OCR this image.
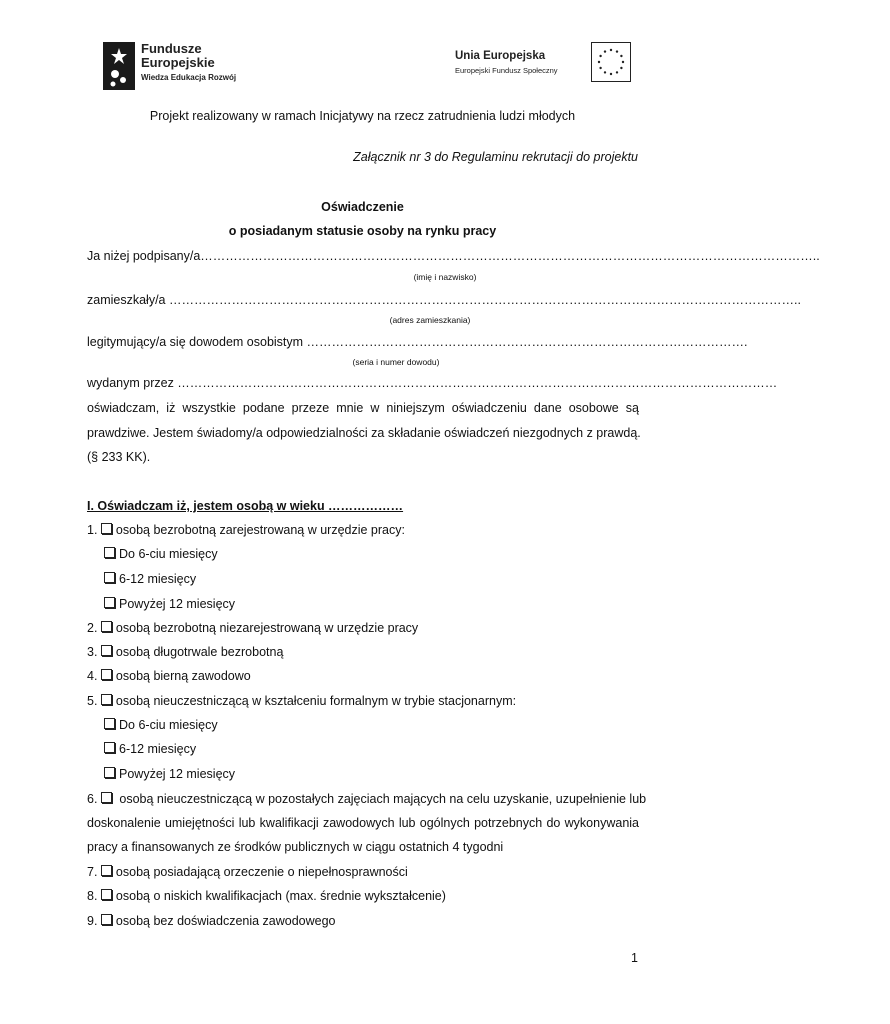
Fundusze
Europejskie
Wiedza Edukacja Rozwój
Unia Europejska
Europejski Fundusz Społeczny
Projekt realizowany w ramach Inicjatywy na rzecz zatrudnienia ludzi młodych
Załącznik nr 3 do Regulaminu rekrutacji do projektu
Oświadczenie
o posiadanym statusie osoby na rynku pracy
Ja niżej podpisany/a…………………………………………………………………………………………………………………………………..
(imię i nazwisko)
zamieszkały/a ……………………………………………………………………………………………………………………………………..
(adres zamieszkania)
legitymujący/a się dowodem osobistym …………………………………………………………………………………………….
(seria i numer dowodu)
wydanym przez ………………………………………………………………………………………………………………………………
oświadczam, iż wszystkie podane przeze mnie w niniejszym oświadczeniu dane osobowe są
prawdziwe. Jestem świadomy/a odpowiedzialności za składanie oświadczeń niezgodnych z prawdą.
(§ 233 KK).
I. Oświadczam iż, jestem osobą w wieku ………………
1. osobą bezrobotną zarejestrowaną w urzędzie pracy:
Do 6-ciu miesięcy
6-12 miesięcy
Powyżej 12 miesięcy
2. osobą bezrobotną niezarejestrowaną w urzędzie pracy
3. osobą długotrwale bezrobotną
4. osobą bierną zawodowo
5. osobą nieuczestniczącą w kształceniu formalnym w trybie stacjonarnym:
Do 6-ciu miesięcy
6-12 miesięcy
Powyżej 12 miesięcy
6. osobą nieuczestniczącą w pozostałych zajęciach mających na celu uzyskanie, uzupełnienie lub
doskonalenie umiejętności lub kwalifikacji zawodowych lub ogólnych potrzebnych do wykonywania
pracy a finansowanych ze środków publicznych w ciągu ostatnich 4 tygodni
7. osobą posiadającą orzeczenie o niepełnosprawności
8. osobą o niskich kwalifikacjach (max. średnie wykształcenie)
9. osobą bez doświadczenia zawodowego
1
